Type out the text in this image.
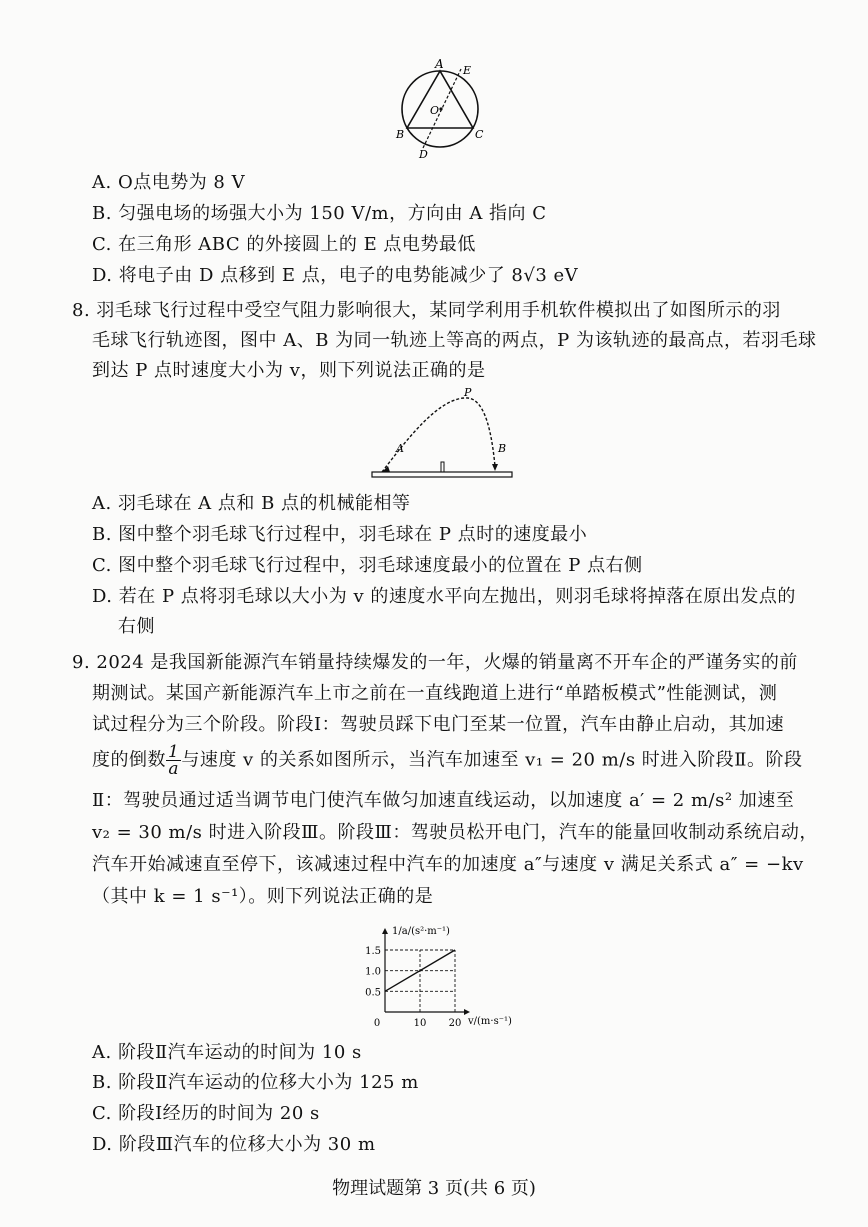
A E
O
B	C
D
A. O点电势为 8 V
B. 匀强电场的场强大小为 150 V/m，方向由 A 指向 C
C. 在三角形 ABC 的外接圆上的 E 点电势最低
D. 将电子由 D 点移到 E 点，电子的电势能减少了 8√3 eV
8. 羽毛球飞行过程中受空气阻力影响很大，某同学利用手机软件模拟出了如图所示的羽
毛球飞行轨迹图，图中 A、B 为同一轨迹上等高的两点，P 为该轨迹的最高点，若羽毛球
到达 P 点时速度大小为 v，则下列说法正确的是
P
A	B
A. 羽毛球在 A 点和 B 点的机械能相等
B. 图中整个羽毛球飞行过程中，羽毛球在 P 点时的速度最小
C. 图中整个羽毛球飞行过程中，羽毛球速度最小的位置在 P 点右侧
D. 若在 P 点将羽毛球以大小为 v 的速度水平向左抛出，则羽毛球将掉落在原出发点的
右侧
9. 2024 是我国新能源汽车销量持续爆发的一年，火爆的销量离不开车企的严谨务实的前
期测试。某国产新能源汽车上市之前在一直线跑道上进行“单踏板模式”性能测试，测
试过程分为三个阶段。阶段Ⅰ：驾驶员踩下电门至某一位置，汽车由静止启动，其加速
度的倒数 $\frac{1}{a}$ 与速度 v 的关系如图所示，当汽车加速至 v₁ = 20 m/s 时进入阶段Ⅱ。阶段
Ⅱ：驾驶员通过适当调节电门使汽车做匀加速直线运动，以加速度 a′ = 2 m/s² 加速至
v₂ = 30 m/s 时进入阶段Ⅲ。阶段Ⅲ：驾驶员松开电门，汽车的能量回收制动系统启动，
汽车开始减速直至停下，该减速过程中汽车的加速度 a″与速度 v 满足关系式 a″ = −kv
（其中 k = 1 s⁻¹）。则下列说法正确的是
1.5
1.0
0.5
0	10 20
1/a/(s²·m⁻¹)
v/(m·s⁻¹)
A. 阶段Ⅱ汽车运动的时间为 10 s
B. 阶段Ⅱ汽车运动的位移大小为 125 m
C. 阶段Ⅰ经历的时间为 20 s
D. 阶段Ⅲ汽车的位移大小为 30 m
物理试题第 3 页(共 6 页)
